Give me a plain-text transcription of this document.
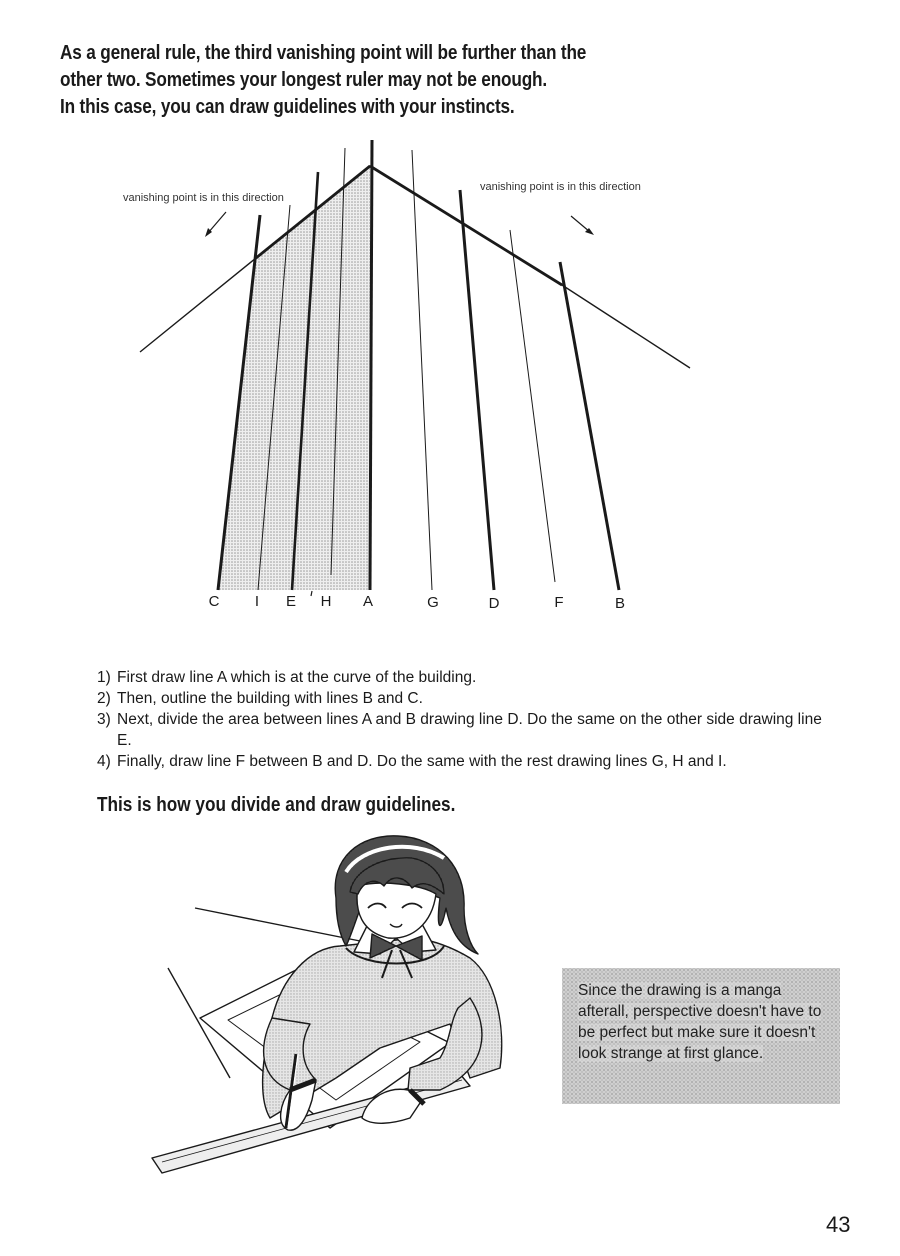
As a general rule, the third vanishing point will be further than the
other two. Sometimes your longest ruler may not be enough.
In this case, you can draw guidelines with your instincts.
vanishing point is in this direction
vanishing point is in this direction
C I E H A	G	D	F	B
1) First draw line A which is at the curve of the building.
2) Then, outline the building with lines B and C.
3) Next, divide the area between lines A and B drawing line D. Do the same on the other side drawing line E.
4) Finally, draw line F between B and D. Do the same with the rest drawing lines G, H and I.
This is how you divide and draw guidelines.
Since the drawing is a manga afterall, perspective doesn't have to be perfect but make sure it doesn't look strange at first glance.
43
